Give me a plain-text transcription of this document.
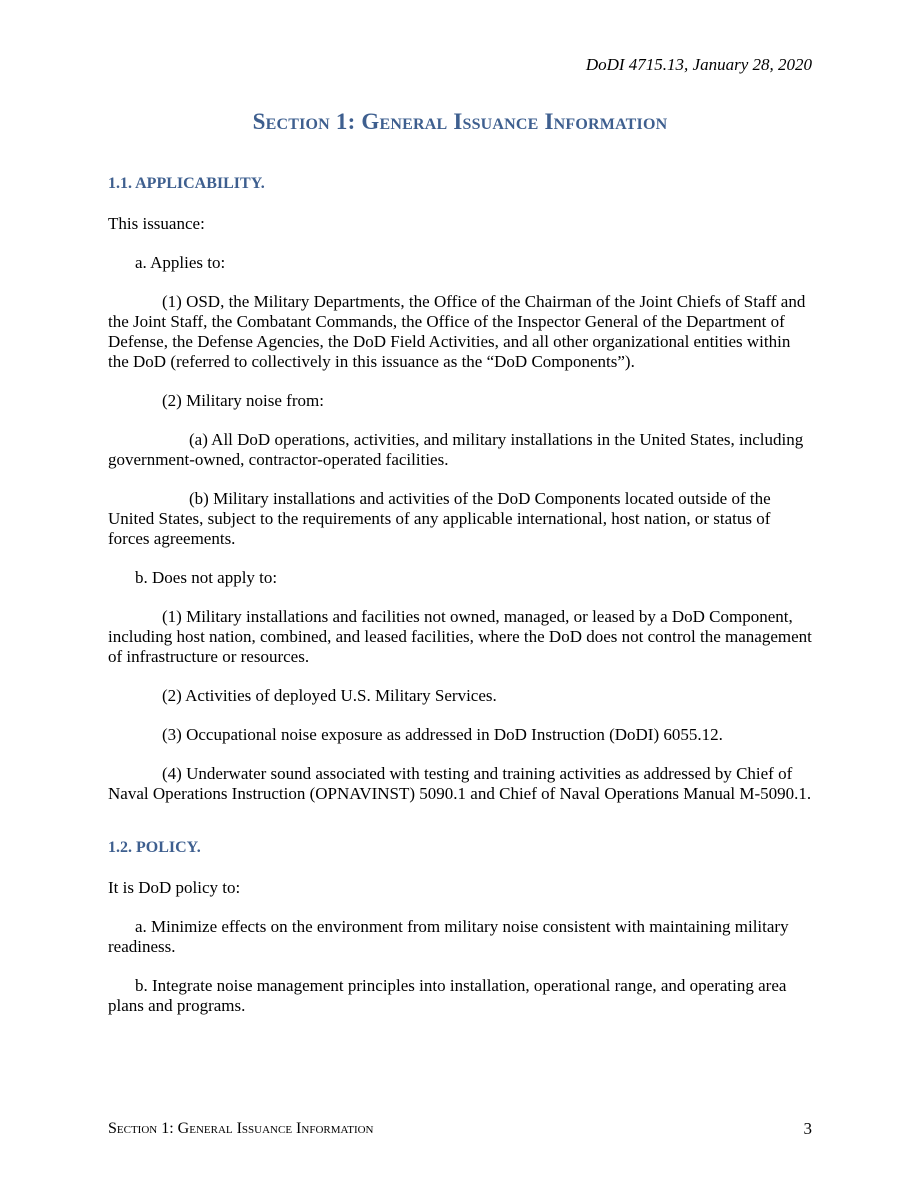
DoDI 4715.13, January 28, 2020
Section 1: General Issuance Information
1.1. APPLICABILITY.

This issuance:

a. Applies to:

(1) OSD, the Military Departments, the Office of the Chairman of the Joint Chiefs of Staff and the Joint Staff, the Combatant Commands, the Office of the Inspector General of the Department of Defense, the Defense Agencies, the DoD Field Activities, and all other organizational entities within the DoD (referred to collectively in this issuance as the “DoD Components”).

(2) Military noise from:

(a) All DoD operations, activities, and military installations in the United States, including government-owned, contractor-operated facilities.

(b) Military installations and activities of the DoD Components located outside of the United States, subject to the requirements of any applicable international, host nation, or status of forces agreements.

b. Does not apply to:

(1) Military installations and facilities not owned, managed, or leased by a DoD Component, including host nation, combined, and leased facilities, where the DoD does not control the management of infrastructure or resources.

(2) Activities of deployed U.S. Military Services.

(3) Occupational noise exposure as addressed in DoD Instruction (DoDI) 6055.12.

(4) Underwater sound associated with testing and training activities as addressed by Chief of Naval Operations Instruction (OPNAVINST) 5090.1 and Chief of Naval Operations Manual M-5090.1.

1.2. POLICY.

It is DoD policy to:

a. Minimize effects on the environment from military noise consistent with maintaining military readiness.

b. Integrate noise management principles into installation, operational range, and operating area plans and programs.

Section 1: General Issuance Information	3
